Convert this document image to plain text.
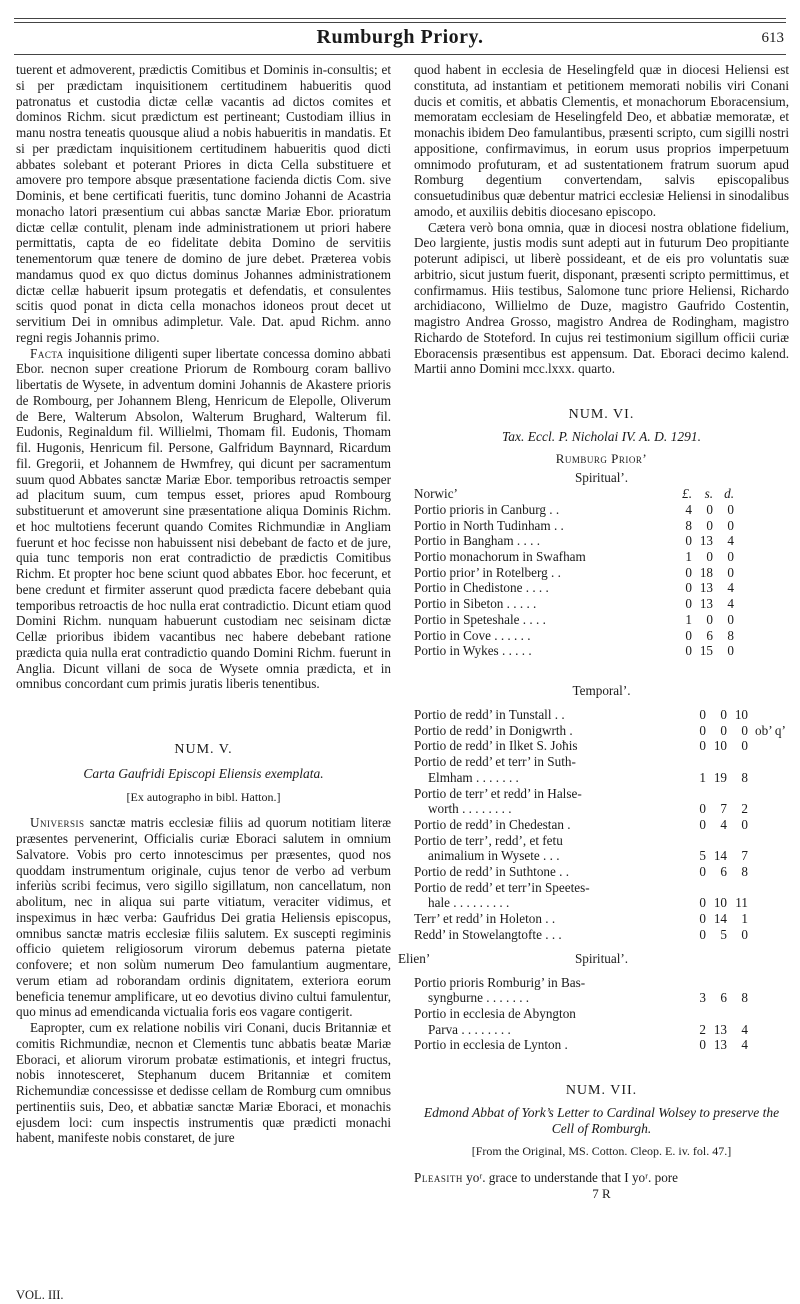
Rumburgh Priory.	613

tuerent et admoverent, prædictis Comitibus et Dominis in-consultis; et si per prædictam inquisitionem certitudinem habueritis quod patronatus et custodia dictæ cellæ vacantis ad dictos comites et dominos Richm. sicut prædictum est pertineant; Custodiam illius in manu nostra teneatis quousque aliud a nobis habueritis in mandatis. Et si per prædictam inquisitionem certitudinem habueritis quod dicti abbates solebant et poterant Priores in dicta Cella substituere et amovere pro tempore absque præsentatione facienda dictis Com. sive Dominis, et bene certificati fueritis, tunc domino Johanni de Acastria monacho latori præsentium cui abbas sanctæ Mariæ Ebor. prioratum dictæ cellæ contulit, plenam inde administrationem ut priori habere permittatis, capta de eo fidelitate debita Domino de servitiis tenementorum quæ tenere de domino de jure debet. Præterea vobis mandamus quod ex quo dictus dominus Johannes administrationem dictæ cellæ habuerit ipsum protegatis et defendatis, et consulentes scitis quod ponat in dicta cella monachos idoneos prout decet ut servitium Dei in omnibus adimpletur. Vale. Dat. apud Richm. anno regni regis Johannis primo.

Facta inquisitione diligenti super libertate concessa domino abbati Ebor. necnon super creatione Priorum de Rombourg coram ballivo libertatis de Wysete, in adventum domini Johannis de Akastere prioris de Rombourg, per Johannem Bleng, Henricum de Elepolle, Oliverum de Bere, Walterum Absolon, Walterum Brughard, Walterum fil. Eudonis, Reginaldum fil. Willielmi, Thomam fil. Eudonis, Thomam fil. Hugonis, Henricum fil. Persone, Galfridum Baynnard, Ricardum fil. Gregorii, et Johannem de Hwmfrey, qui dicunt per sacramentum suum quod Abbates sanctæ Mariæ Ebor. temporibus retroactis semper ad placitum suum, cum tempus esset, priores apud Rombourg substituerunt et amoverunt sine præsentatione aliqua Dominis Richm. et hoc multotiens fecerunt quando Comites Richmundiæ in Angliam fuerunt et hoc fecisse non habuissent nisi debebant de facto et de jure, quia tunc temporis non erat contradictio de prædictis Comitibus Richm. Et propter hoc bene sciunt quod abbates Ebor. hoc fecerunt, et bene credunt et firmiter asserunt quod prædicta facere debebant quia temporibus retroactis de hoc nulla erat contradictio. Dicunt etiam quod Domini Richm. nunquam habuerunt custodiam nec seisinam dictæ Cellæ prioribus ibidem vacantibus nec habere debebant ratione prædicta quia nulla erat contradictio quando Domini Richm. fuerunt in Anglia. Dicunt villani de soca de Wysete omnia prædicta, et in omnibus concordant cum primis juratis liberis tenentibus.

NUM. V.
Carta Gaufridi Episcopi Eliensis exemplata.
[Ex autographo in bibl. Hatton.]

Universis sanctæ matris ecclesiæ filiis ad quorum notitiam literæ præsentes pervenerint, Officialis curiæ Eboraci salutem in omnium Salvatore. Vobis pro certo innotescimus per præsentes, quod nos quoddam instrumentum originale, cujus tenor de verbo ad verbum inferiùs scribi fecimus, vero sigillo sigillatum, non cancellatum, non abolitum, nec in aliqua sui parte vitiatum, veraciter vidimus, et inspeximus in hæc verba: Gaufridus Dei gratia Heliensis episcopus, omnibus sanctæ matris ecclesiæ filiis salutem. Ex suscepti regiminis officio quietem religiosorum virorum debemus paterna pietate confovere; et non solùm numerum Deo famulantium augmentare, verum etiam ad roborandam ordinis dignitatem, exteriora eorum beneficia tenemur amplificare, ut eo devotius divino cultui famulentur, quo minus ad emendicanda victualia foris eos vagare contigerit.

Eapropter, cum ex relatione nobilis viri Conani, ducis Britanniæ et comitis Richmundiæ, necnon et Clementis tunc abbatis beatæ Mariæ Eboraci, et aliorum virorum probatæ estimationis, et integri fructus, nobis innotesceret, Stephanum ducem Britanniæ et comitem Richemundiæ concessisse et dedisse cellam de Romburg cum omnibus pertinentiis suis, Deo, et abbatiæ sanctæ Mariæ Eboraci, et monachis ejusdem loci: cum inspectis instrumentis quæ prædicti monachi habent, manifeste nobis constaret, de jure

quod habent in ecclesia de Heselingfeld quæ in diocesi Heliensi est constituta, ad instantiam et petitionem memorati nobilis viri Conani ducis et comitis, et abbatis Clementis, et monachorum Eboracensium, memoratam ecclesiam de Heselingfeld Deo, et abbatiæ memoratæ, et monachis ibidem Deo famulantibus, præsenti scripto, cum sigilli nostri appositione, confirmavimus, in eorum usus proprios imperpetuum omnimodo profuturam, et ad sustentationem fratrum suorum apud Romburg degentium convertendam, salvis episcopalibus consuetudinibus quæ debentur matrici ecclesiæ Heliensi in sinodalibus amodo, et auxiliis debitis diocesano episcopo.

Cætera verò bona omnia, quæ in diocesi nostra oblatione fidelium, Deo largiente, justis modis sunt adepti aut in futurum Deo propitiante poterunt adipisci, ut liberè possideant, et de eis pro voluntatis suæ arbitrio, sicut justum fuerit, disponant, præsenti scripto permittimus, et confirmamus. Hiis testibus, Salomone tunc priore Heliensi, Richardo archidiacono, Willielmo de Duze, magistro Gaufrido Costentin, magistro Andrea Grosso, magistro Andrea de Rodingham, magistro Richardo de Stoteford. In cujus rei testimonium sigillum officii curiæ Eboracensis præsentibus est appensum. Dat. Eboraci decimo kalend. Martii anno Domini mcc.lxxx. quarto.

NUM. VI.
Tax. Eccl. P. Nicholai IV. A. D. 1291.
Rumburg Prior’
Spiritual’.
Norwic’	£.	s.	d.	
Portio prioris in Canburg . .	4	0	0	
Portio in North Tudinham . .	8	0	0	
Portio in Bangham . . . .	0	13	4	
Portio monachorum in Swafham	1	0	0	
Portio prior’ in Rotelberg . .	0	18	0	
Portio in Chedistone . . . .	0	13	4	
Portio in Sibeton . . . . .	0	13	4	
Portio in Speteshale . . . .	1	0	0	
Portio in Cove . . . . . .	0	6	8	
Portio in Wykes . . . . .	0	15	0	
Temporal’.
Portio de redd’ in Tunstall . .	0	0	10	
Portio de redd’ in Donigwrth .	0	0	0	ob’ q’
Portio de redd’ in Ilket S. Joħis	0	10	0	
Portio de redd’ et terr’ in Suth-				
Elmham . . . . . . .	1	19	8	
Portio de terr’ et redd’ in Halse-				
worth . . . . . . . .	0	7	2	
Portio de redd’ in Chedestan .	0	4	0	
Portio de terr’, redd’, et fetu				
animalium in Wysete . . .	5	14	7	
Portio de redd’ in Suthtone . .	0	6	8	
Portio de redd’ et terr’in Speetes-				
hale . . . . . . . . .	0	10	11	
Terr’ et redd’ in Holeton . .	0	14	1	
Redd’ in Stowelangtofte . . .	0	5	0	
Elien’	Spiritual’.
Portio prioris Romburig’ in Bas-				
syngburne . . . . . . .	3	6	8	
Portio in ecclesia de Abyngton				
Parva . . . . . . . .	2	13	4	
Portio in ecclesia de Lynton .	0	13	4	
NUM. VII.
Edmond Abbat of York’s Letter to Cardinal Wolsey to preserve the Cell of Romburgh.
[From the Original, MS. Cotton. Cleop. E. iv. fol. 47.]

Pleasith yoʳ. grace to understande that I yoʳ. pore

7 R
VOL. III.
